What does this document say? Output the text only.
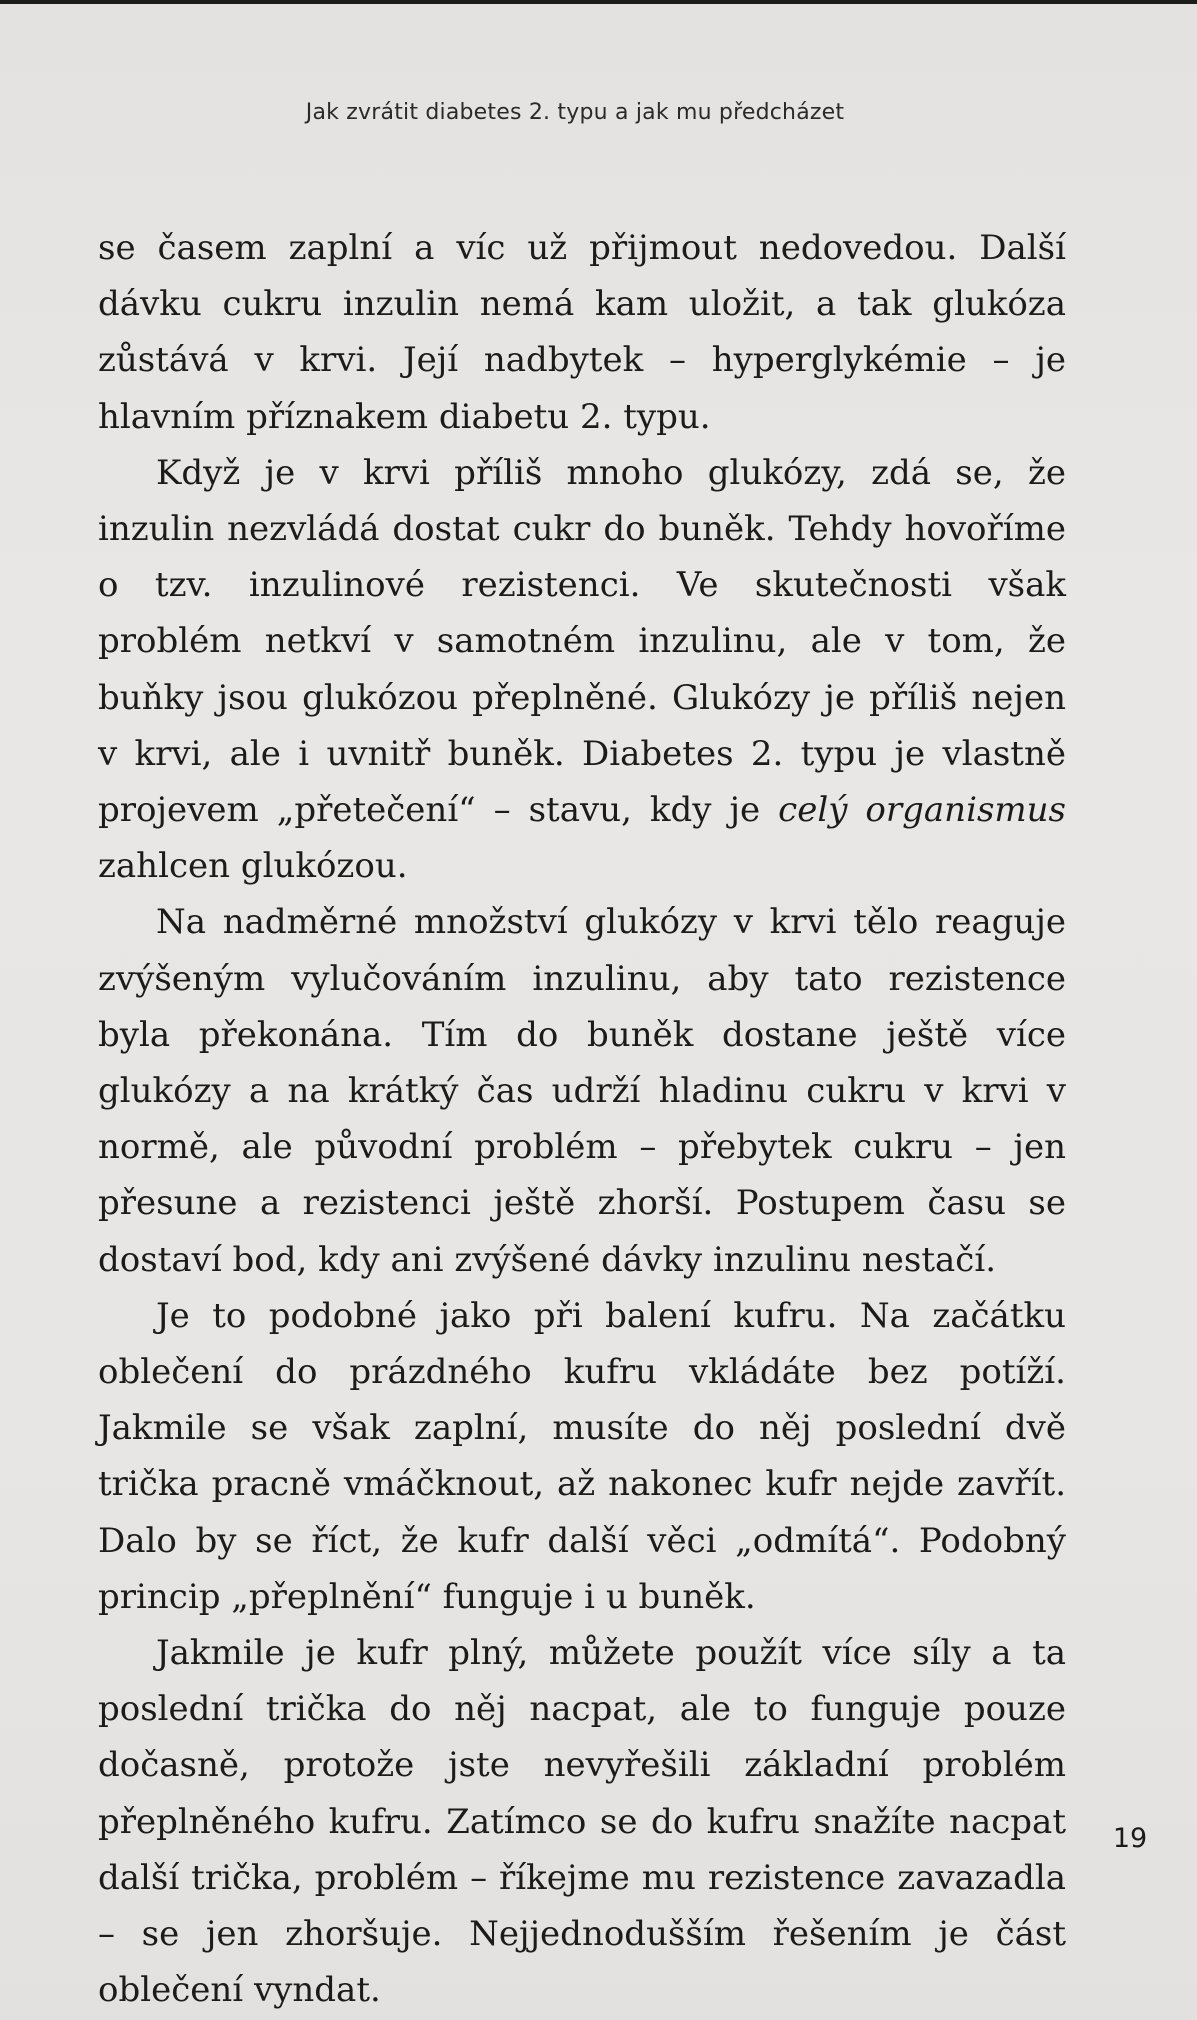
Jak zvrátit diabetes 2. typu a jak mu předcházet

se časem zaplní a víc už přijmout nedovedou. Další dávku cukru inzulin nemá kam uložit, a tak glukóza zůstává v krvi. Její nadbytek – hyperglykémie – je hlavním příznakem diabetu 2. typu.

Když je v krvi příliš mnoho glukózy, zdá se, že inzulin nezvládá dostat cukr do buněk. Tehdy hovoříme o tzv. inzulinové rezistenci. Ve skutečnosti však problém netkví v samotném inzulinu, ale v tom, že buňky jsou glukózou přeplněné. Glukózy je příliš nejen v krvi, ale i uvnitř buněk. Diabetes 2. typu je vlastně projevem „přetečení“ – stavu, kdy je celý organismus zahlcen glukózou.

Na nadměrné množství glukózy v krvi tělo reaguje zvýšeným vylučováním inzulinu, aby tato rezistence byla překonána. Tím do buněk dostane ještě více glukózy a na krátký čas udrží hladinu cukru v krvi v normě, ale původní problém – přebytek cukru – jen přesune a rezistenci ještě zhorší. Postupem času se dostaví bod, kdy ani zvýšené dávky inzulinu nestačí.

Je to podobné jako při balení kufru. Na začátku oblečení do prázdného kufru vkládáte bez potíží. Jakmile se však zaplní, musíte do něj poslední dvě trička pracně vmáčknout, až nakonec kufr nejde zavřít. Dalo by se říct, že kufr další věci „odmítá“. Podobný princip „přeplnění“ funguje i u buněk.

Jakmile je kufr plný, můžete použít více síly a ta poslední trička do něj nacpat, ale to funguje pouze dočasně, protože jste nevyřešili základní problém přeplněného kufru. Zatímco se do kufru snažíte nacpat další trička, problém – říkejme mu rezistence zavazadla – se jen zhoršuje. Nejjednodušším řešením je část oblečení vyndat.

19
